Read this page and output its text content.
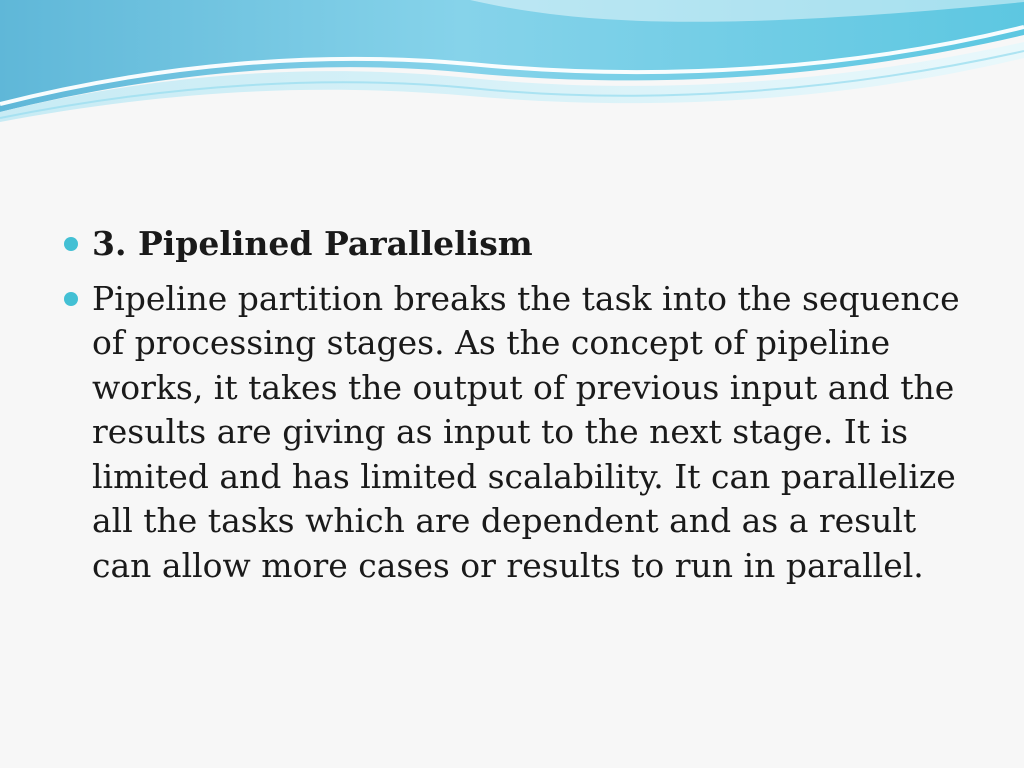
3. Pipelined Parallelism
Pipeline partition breaks the task into the sequence of processing stages. As the concept of pipeline works, it takes the output of previous input and the results are giving as input to the next stage. It is limited and has limited scalability. It can parallelize all the tasks which are dependent and as a result can allow more cases or results to run in parallel.
